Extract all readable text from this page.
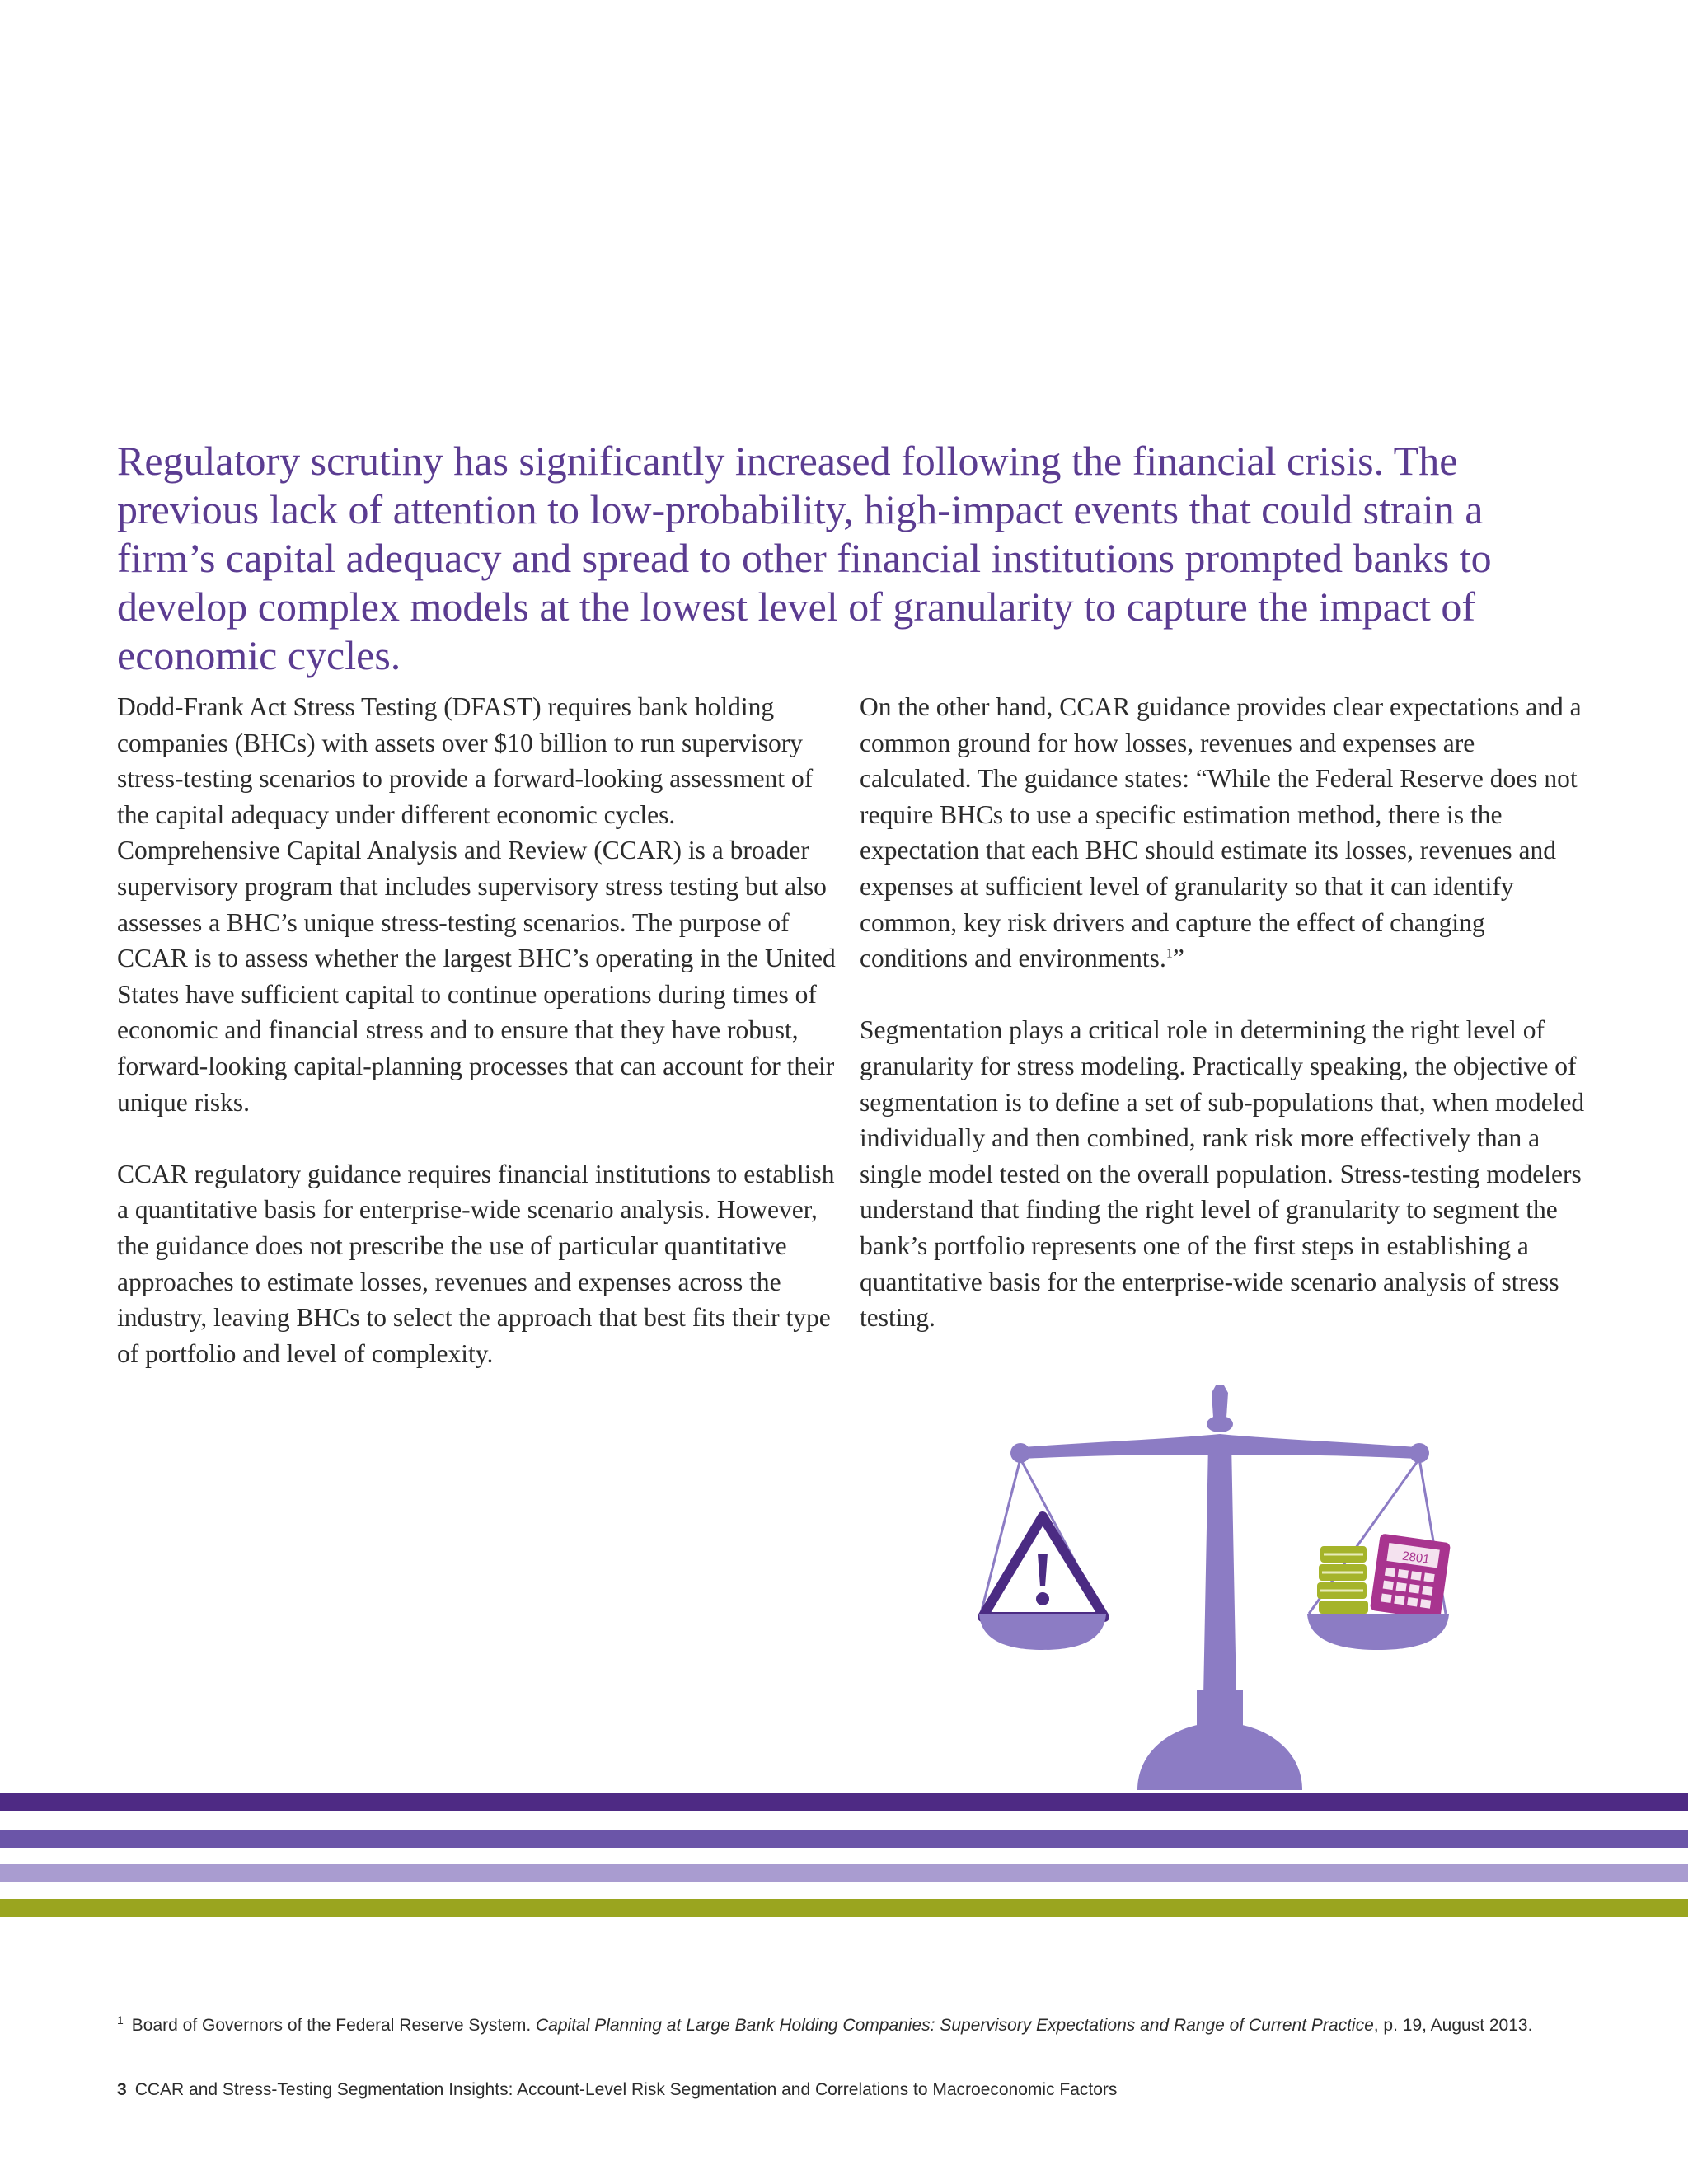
Regulatory scrutiny has significantly increased following the financial crisis. The previous lack of attention to low-probability, high-impact events that could strain a firm’s capital adequacy and spread to other financial institutions prompted banks to develop complex models at the lowest level of granularity to capture the impact of economic cycles.

Dodd-Frank Act Stress Testing (DFAST) requires bank holding companies (BHCs) with assets over $10 billion to run supervisory stress-testing scenarios to provide a forward-looking assessment of the capital adequacy under different economic cycles. Comprehensive Capital Analysis and Review (CCAR) is a broader supervisory program that includes supervisory stress testing but also assesses a BHC’s unique stress-testing scenarios. The purpose of CCAR is to assess whether the largest BHC’s operating in the United States have sufficient capital to continue operations during times of economic and financial stress and to ensure that they have robust, forward-looking capital-planning processes that can account for their unique risks.

CCAR regulatory guidance requires financial institutions to establish a quantitative basis for enterprise-wide scenario analysis. However, the guidance does not prescribe the use of particular quantitative approaches to estimate losses, revenues and expenses across the industry, leaving BHCs to select the approach that best fits their type of portfolio and level of complexity.

On the other hand, CCAR guidance provides clear expectations and a common ground for how losses, revenues and expenses are calculated. The guidance states: “While the Federal Reserve does not require BHCs to use a specific estimation method, there is the expectation that each BHC should estimate its losses, revenues and expenses at sufficient level of granularity so that it can identify common, key risk drivers and capture the effect of changing conditions and environments.$^1$”

Segmentation plays a critical role in determining the right level of granularity for stress modeling. Practically speaking, the objective of segmentation is to define a set of sub-populations that, when modeled individually and then combined, rank risk more effectively than a single model tested on the overall population. Stress-testing modelers understand that finding the right level of granularity to segment the bank’s portfolio represents one of the first steps in establishing a quantitative basis for the enterprise-wide scenario analysis of stress testing.

2801
$^1$ Board of Governors of the Federal Reserve System. Capital Planning at Large Bank Holding Companies: Supervisory Expectations and Range of Current Practice, p. 19, August 2013.
3 CCAR and Stress-Testing Segmentation Insights: Account-Level Risk Segmentation and Correlations to Macroeconomic Factors
